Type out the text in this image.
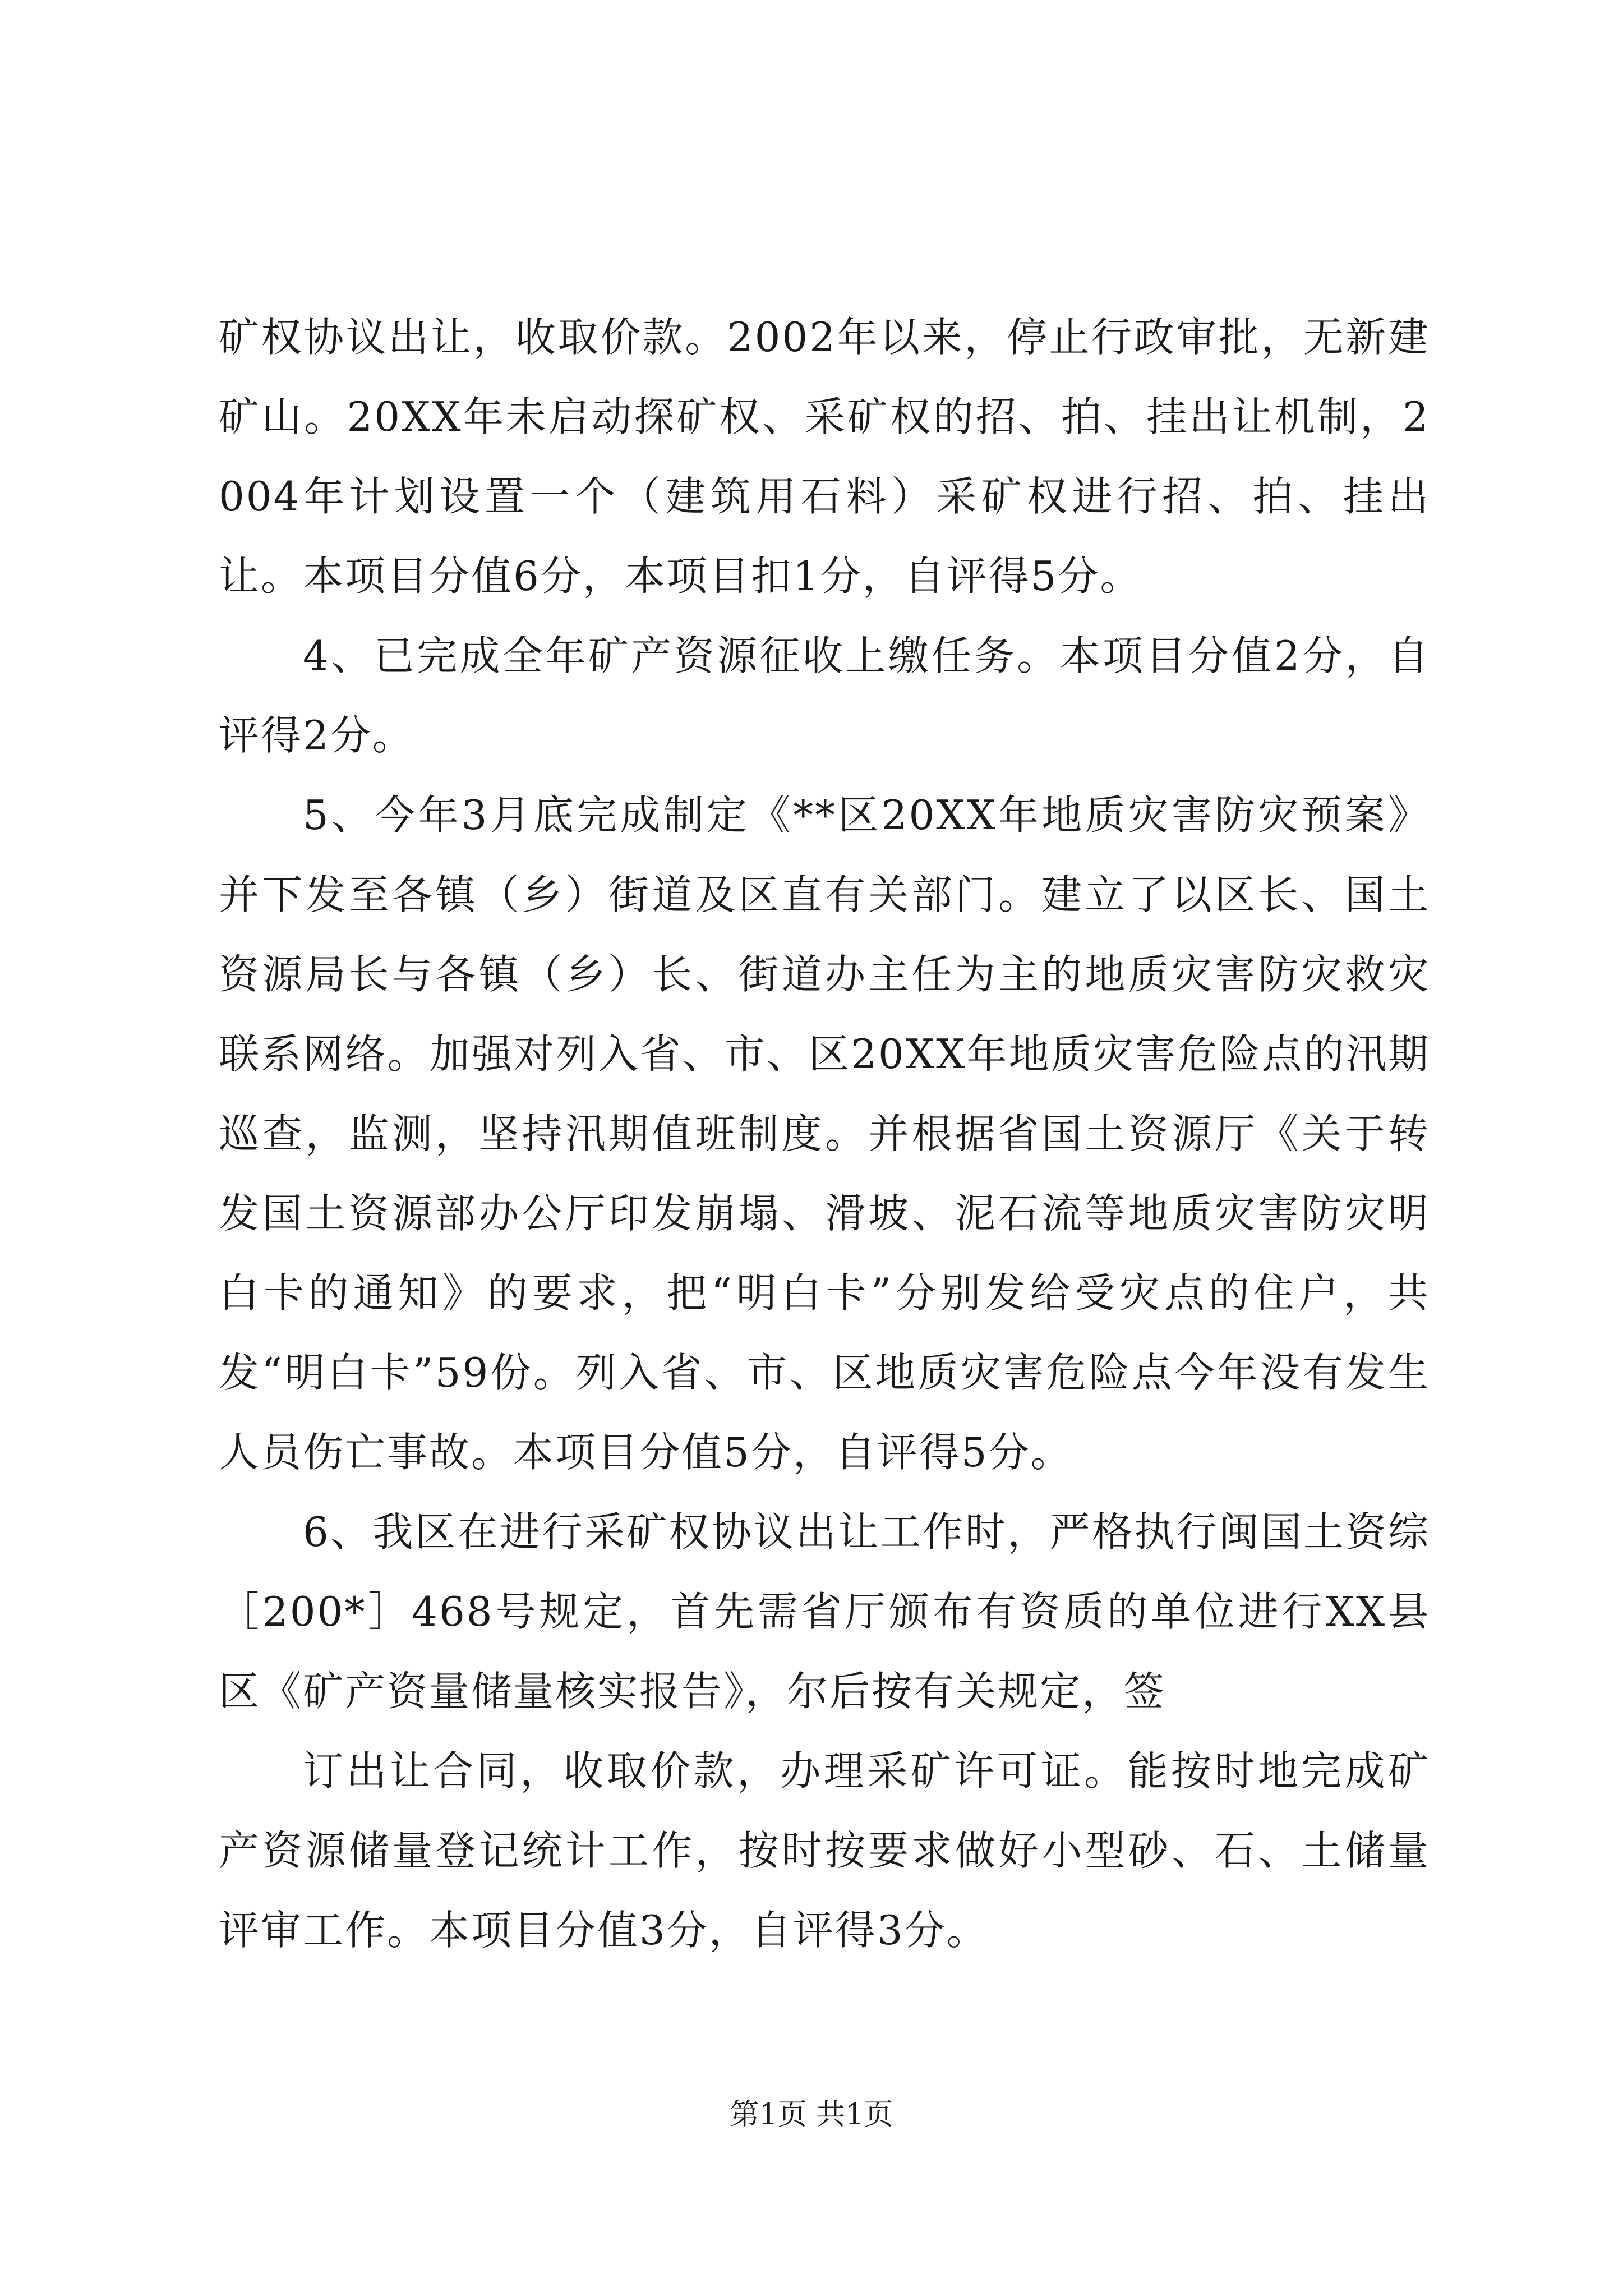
矿权协议出让，收取价款。2002年以来，停止行政审批，无新建矿山。20XX年未启动探矿权、采矿权的招、拍、挂出让机制，2004年计划设置一个（建筑用石料）采矿权进行招、拍、挂出让。本项目分值6分，本项目扣1分，自评得5分。

4、已完成全年矿产资源征收上缴任务。本项目分值2分，自评得2分。

5、今年3月底完成制定《**区20XX年地质灾害防灾预案》并下发至各镇（乡）街道及区直有关部门。建立了以区长、国土资源局长与各镇（乡）长、街道办主任为主的地质灾害防灾救灾联系网络。加强对列入省、市、区20XX年地质灾害危险点的汛期巡查，监测，坚持汛期值班制度。并根据省国土资源厅《关于转发国土资源部办公厅印发崩塌、滑坡、泥石流等地质灾害防灾明白卡的通知》的要求，把“明白卡”分别发给受灾点的住户，共发“明白卡”59份。列入省、市、区地质灾害危险点今年没有发生人员伤亡事故。本项目分值5分，自评得5分。

6、我区在进行采矿权协议出让工作时，严格执行闽国土资综［200*］468号规定，首先需省厅颁布有资质的单位进行XX县区《矿产资量储量核实报告》，尔后按有关规定，签

订出让合同，收取价款，办理采矿许可证。能按时地完成矿产资源储量登记统计工作，按时按要求做好小型砂、石、土储量评审工作。本项目分值3分，自评得3分。

第1页 共1页
